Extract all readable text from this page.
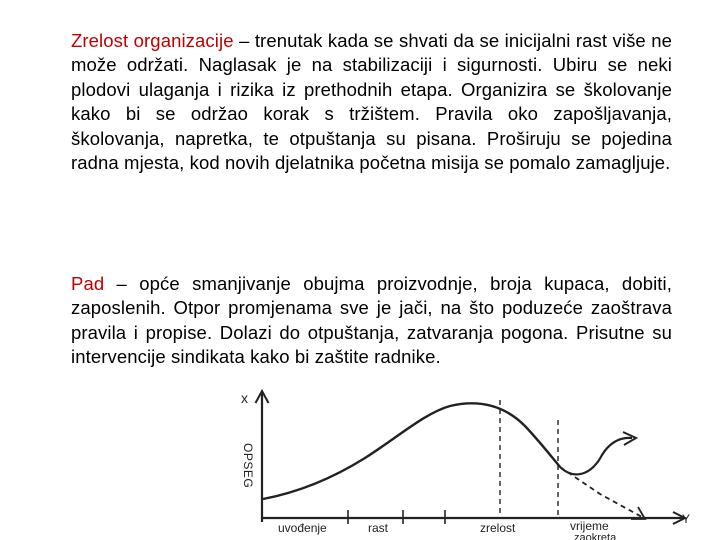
Zrelost organizacije – trenutak kada se shvati da se inicijalni rast više ne može održati. Naglasak je na stabilizaciji i sigurnosti. Ubiru se neki plodovi ulaganja i rizika iz prethodnih etapa. Organizira se školovanje kako bi se održao korak s tržištem. Pravila oko zapošljavanja, školovanja, napretka, te otpuštanja su pisana. Proširuju se pojedina radna mjesta, kod novih djelatnika početna misija se pomalo zamagljuje.

Pad – opće smanjivanje obujma proizvodnje, broja kupaca, dobiti, zaposlenih. Otpor promjenama sve je jači, na što poduzeće zaoštrava pravila i propise. Dolazi do otpuštanja, zatvaranja pogona. Prisutne su intervencije sindikata kako bi zaštite radnike.

x
Y
OPSEG
uvođenje	rast	zrelost	vrijeme
zaokreta
